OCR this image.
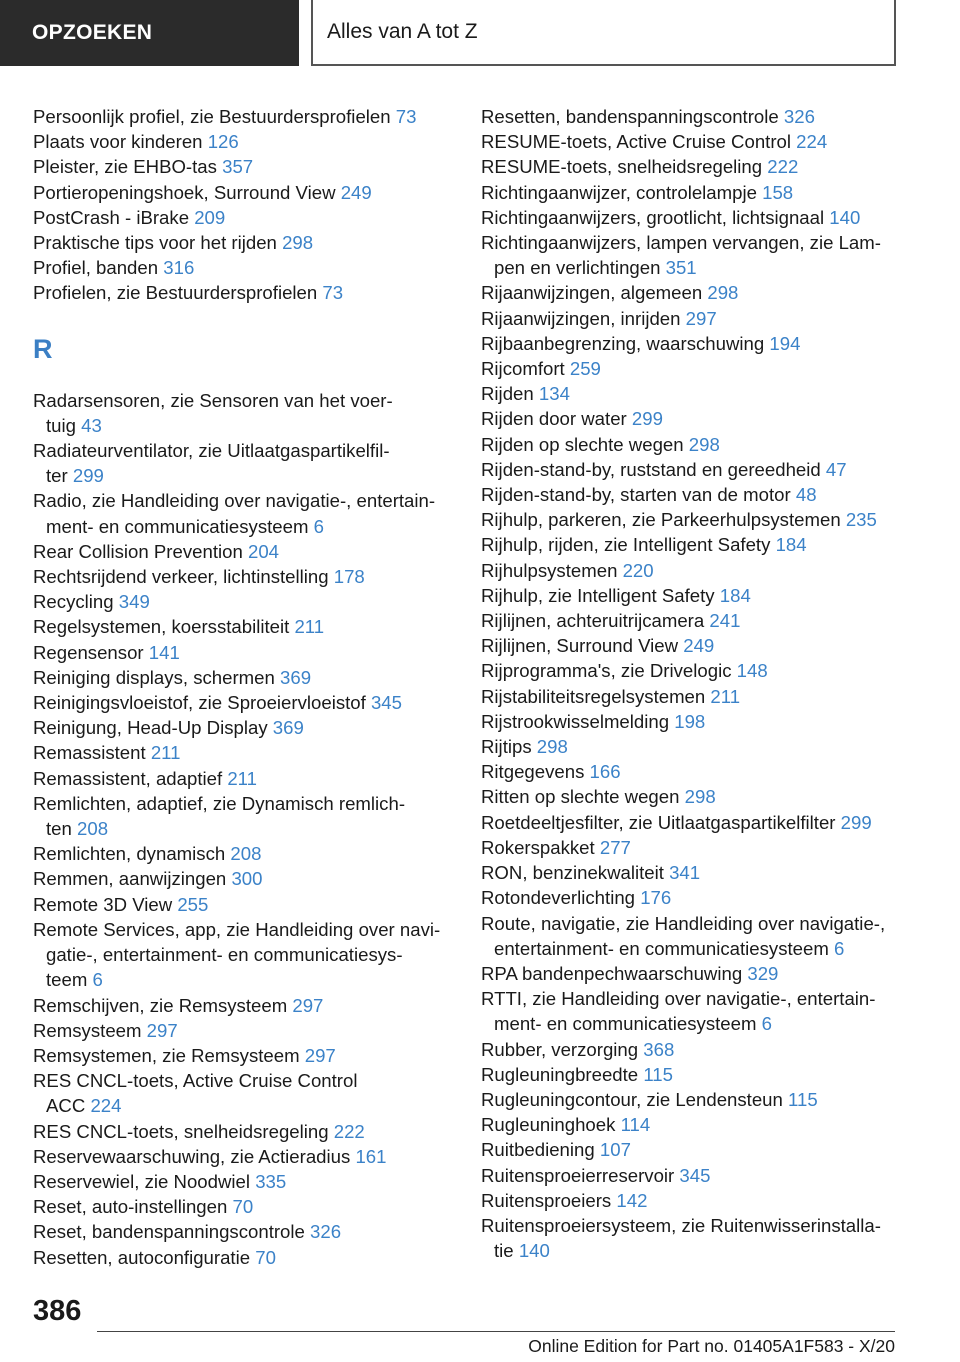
OPZOEKEN	Alles van A tot Z
Persoonlijk profiel, zie Bestuurdersprofielen 73
Plaats voor kinderen 126
Pleister, zie EHBO-tas 357
Portieropeningshoek, Surround View 249
PostCrash - iBrake 209
Praktische tips voor het rijden 298
Profiel, banden 316
Profielen, zie Bestuurdersprofielen 73
R
Radarsensoren, zie Sensoren van het voer-
tuig 43
Radiateurventilator, zie Uitlaatgaspartikelfil-
ter 299
Radio, zie Handleiding over navigatie-, entertain-
ment- en communicatiesysteem 6
Rear Collision Prevention 204
Rechtsrijdend verkeer, lichtinstelling 178
Recycling 349
Regelsystemen, koersstabiliteit 211
Regensensor 141
Reiniging displays, schermen 369
Reinigingsvloeistof, zie Sproeiervloeistof 345
Reinigung, Head-Up Display 369
Remassistent 211
Remassistent, adaptief 211
Remlichten, adaptief, zie Dynamisch remlich-
ten 208
Remlichten, dynamisch 208
Remmen, aanwijzingen 300
Remote 3D View 255
Remote Services, app, zie Handleiding over navi-
gatie-, entertainment- en communicatiesys-
teem 6
Remschijven, zie Remsysteem 297
Remsysteem 297
Remsystemen, zie Remsysteem 297
RES CNCL-toets, Active Cruise Control
ACC 224
RES CNCL-toets, snelheidsregeling 222
Reservewaarschuwing, zie Actieradius 161
Reservewiel, zie Noodwiel 335
Reset, auto-instellingen 70
Reset, bandenspanningscontrole 326
Resetten, autoconfiguratie 70
Resetten, bandenspanningscontrole 326
RESUME-toets, Active Cruise Control 224
RESUME-toets, snelheidsregeling 222
Richtingaanwijzer, controlelampje 158
Richtingaanwijzers, grootlicht, lichtsignaal 140
Richtingaanwijzers, lampen vervangen, zie Lam-
pen en verlichtingen 351
Rijaanwijzingen, algemeen 298
Rijaanwijzingen, inrijden 297
Rijbaanbegrenzing, waarschuwing 194
Rijcomfort 259
Rijden 134
Rijden door water 299
Rijden op slechte wegen 298
Rijden-stand-by, ruststand en gereedheid 47
Rijden-stand-by, starten van de motor 48
Rijhulp, parkeren, zie Parkeerhulpsystemen 235
Rijhulp, rijden, zie Intelligent Safety 184
Rijhulpsystemen 220
Rijhulp, zie Intelligent Safety 184
Rijlijnen, achteruitrijcamera 241
Rijlijnen, Surround View 249
Rijprogramma's, zie Drivelogic 148
Rijstabiliteitsregelsystemen 211
Rijstrookwisselmelding 198
Rijtips 298
Ritgegevens 166
Ritten op slechte wegen 298
Roetdeeltjesfilter, zie Uitlaatgaspartikelfilter 299
Rokerspakket 277
RON, benzinekwaliteit 341
Rotondeverlichting 176
Route, navigatie, zie Handleiding over navigatie-,
entertainment- en communicatiesysteem 6
RPA bandenpechwaarschuwing 329
RTTI, zie Handleiding over navigatie-, entertain-
ment- en communicatiesysteem 6
Rubber, verzorging 368
Rugleuningbreedte 115
Rugleuningcontour, zie Lendensteun 115
Rugleuninghoek 114
Ruitbediening 107
Ruitensproeierreservoir 345
Ruitensproeiers 142
Ruitensproeiersysteem, zie Ruitenwisserinstalla-
tie 140
386
Online Edition for Part no. 01405A1F583 - X/20
